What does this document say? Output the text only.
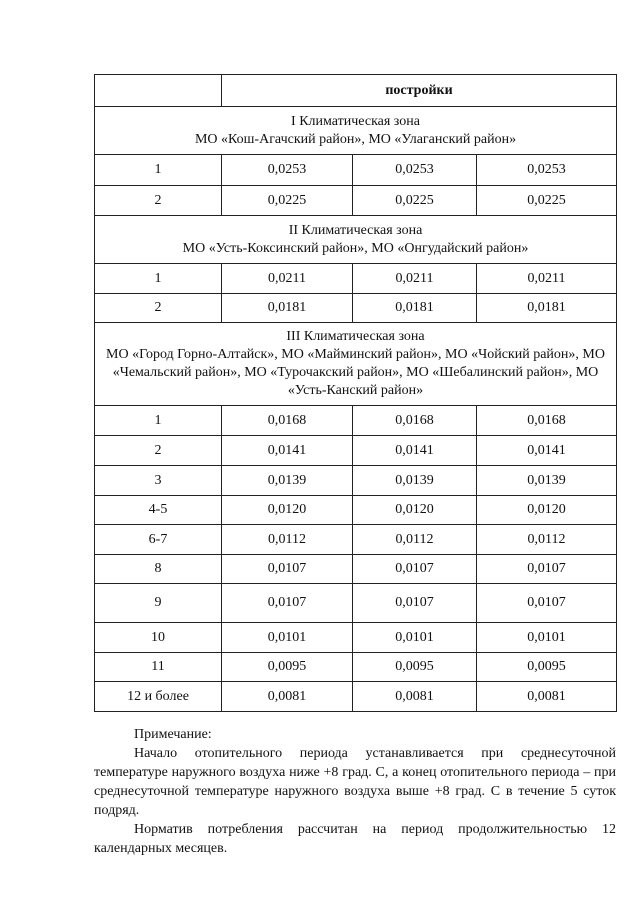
	постройки		

I Климатическая зона
МО «Кош-Агачский район», МО «Улаганский район»			

1	0,0253	0,0253	0,0253
2	0,0225	0,0225	0,0225

II Климатическая зона
МО «Усть-Коксинский район», МО «Онгудайский район»			

1	0,0211	0,0211	0,0211
2	0,0181	0,0181	0,0181

III Климатическая зона
МО «Город Горно-Алтайск», МО «Майминский район», МО «Чойский район», МО «Чемальский район», МО «Турочакский район», МО «Шебалинский район», МО «Усть-Канский район»			

1	0,0168	0,0168	0,0168
2	0,0141	0,0141	0,0141
3	0,0139	0,0139	0,0139
4-5	0,0120	0,0120	0,0120
6-7	0,0112	0,0112	0,0112
8	0,0107	0,0107	0,0107
9	0,0107	0,0107	0,0107
10	0,0101	0,0101	0,0101
11	0,0095	0,0095	0,0095
12 и более	0,0081	0,0081	0,0081

Примечание:

Начало отопительного периода устанавливается при среднесуточной температуре наружного воздуха ниже +8 град. С, а конец отопительного периода – при среднесуточной температуре наружного воздуха выше +8 град. С в течение 5 суток подряд.

Норматив потребления рассчитан на период продолжительностью 12 календарных месяцев.
